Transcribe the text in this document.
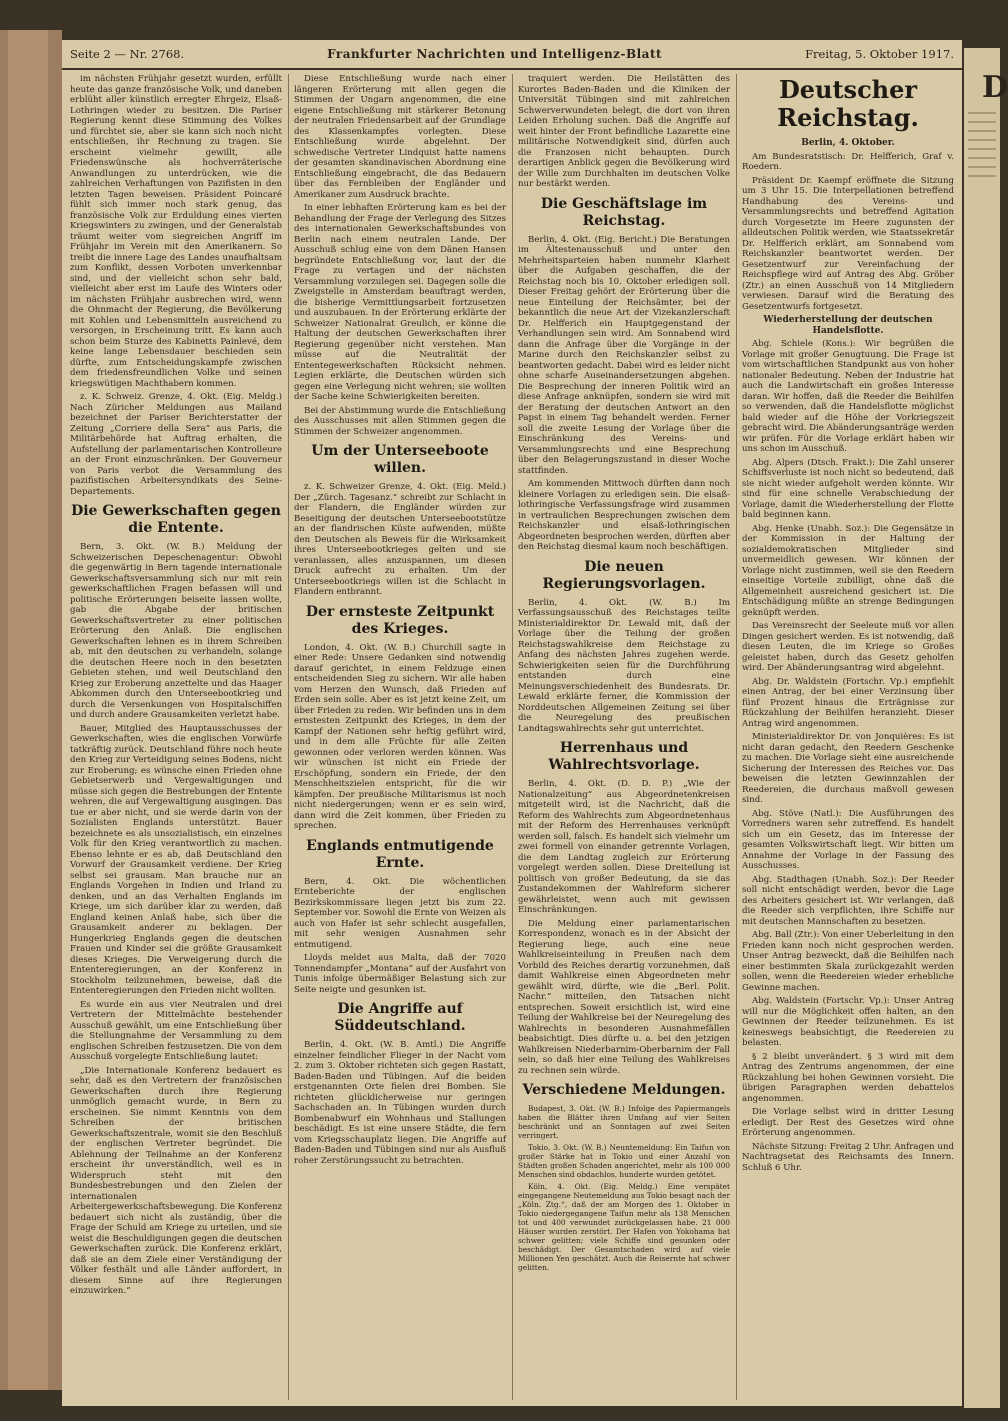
Seite 2 — Nr. 2768.	Frankfurter Nachrichten und Intelligenz-Blatt	Freitag, 5. Oktober 1917.

im nächsten Frühjahr gesetzt wurden, erfüllt heute das ganze französische Volk, und daneben erblüht aller künstlich erregter Ehrgeiz, Elsaß-Lothringen wieder zu besitzen. Die Pariser Regierung kennt diese Stimmung des Volkes und fürchtet sie, aber sie kann sich noch nicht entschließen, ihr Rechnung zu tragen. Sie erscheint vielmehr gewillt, alle Friedenswünsche als hochverräterische Anwandlungen zu unterdrücken, wie die zahlreichen Verhaftungen von Pazifisten in den letzten Tagen beweisen. Präsident Poincaré fühlt sich immer noch stark genug, das französische Volk zur Erduldung eines vierten Kriegswinters zu zwingen, und der Generalstab träumt weiter vom siegreichen Angriff im Frühjahr im Verein mit den Amerikanern. So treibt die innere Lage des Landes unaufhaltsam zum Konflikt, dessen Vorboten unverkennbar sind, und der vielleicht schon sehr bald, vielleicht aber erst im Laufe des Winters oder im nächsten Frühjahr ausbrechen wird, wenn die Ohnmacht der Regierung, die Bevölkerung mit Kohlen und Lebensmitteln ausreichend zu versorgen, in Erscheinung tritt. Es kann auch schon beim Sturze des Kabinetts Painlevé, dem keine lange Lebensdauer beschieden sein dürfte, zum Entscheidungskampfe zwischen dem friedensfreundlichen Volke und seinen kriegswütigen Machthabern kommen.

z. K. Schweiz. Grenze, 4. Okt. (Eig. Meldg.) Nach Züricher Meldungen aus Mailand bezeichnet der Pariser Berichterstatter der Zeitung „Corriere della Sera“ aus Paris, die Militärbehörde hat Auftrag erhalten, die Aufstellung der parlamentarischen Kontrolleure an der Front einzuschränken. Der Gouverneur von Paris verbot die Versammlung des pazifistischen Arbeitersyndikats des Seine-Departements.

Die Gewerkschaften gegen die Entente.

Bern, 3. Okt. (W. B.) Meldung der Schweizerischen Depeschenagentur: Obwohl die gegenwärtig in Bern tagende internationale Gewerkschaftsversammlung sich nur mit rein gewerkschaftlichen Fragen befassen will und politische Erörterungen beiseite lassen wollte, gab die Abgabe der britischen Gewerkschaftsvertreter zu einer politischen Erörterung den Anlaß. Die englischen Gewerkschaften lehnen es in ihrem Schreiben ab, mit den deutschen zu verhandeln, solange die deutschen Heere noch in den besetzten Gebieten stehen, und weil Deutschland den Krieg zur Eroberung anzettelte und das Haager Abkommen durch den Unterseebootkrieg und durch die Versenkungen von Hospitalschiffen und durch andere Grausamkeiten verletzt habe.

Bauer, Mitglied des Hauptausschusses der Gewerkschaften, wies die englischen Vorwürfe tatkräftig zurück. Deutschland führe noch heute den Krieg zur Verteidigung seines Bodens, nicht zur Eroberung; es wünsche einen Frieden ohne Gebietserwerb und Vergewaltigungen und müsse sich gegen die Bestrebungen der Entente wehren, die auf Vergewaltigung ausgingen. Das tue er aber nicht, und sie werde darin von der Sozialisten Englands unterstützt. Bauer bezeichnete es als unsozialistisch, ein einzelnes Volk für den Krieg verantwortlich zu machen. Ebenso lehnte er es ab, daß Deutschland den Vorwurf der Grausamkeit verdiene. Der Krieg selbst sei grausam. Man brauche nur an Englands Vorgehen in Indien und Irland zu denken, und an das Verhalten Englands im Kriege, um sich darüber klar zu werden, daß England keinen Anlaß habe, sich über die Grausamkeit anderer zu beklagen. Der Hungerkrieg Englands gegen die deutschen Frauen und Kinder sei die größte Grausamkeit dieses Krieges. Die Verweigerung durch die Ententeregierungen, an der Konferenz in Stockholm teilzunehmen, beweise, daß die Ententeregierungen den Frieden nicht wollten.

Es wurde ein aus vier Neutralen und drei Vertretern der Mittelmächte bestehender Ausschuß gewählt, um eine Entschließung über die Stellungnahme der Versammlung zu dem englischen Schreiben festzusetzen. Die von dem Ausschuß vorgelegte Entschließung lautet:

„Die Internationale Konferenz bedauert es sehr, daß es den Vertretern der französischen Gewerkschaften durch ihre Regierung unmöglich gemacht wurde, in Bern zu erscheinen. Sie nimmt Kenntnis von dem Schreiben der britischen Gewerkschaftszentrale, womit sie den Beschluß der englischen Vertreter begründet. Die Ablehnung der Teilnahme an der Konferenz erscheint ihr unverständlich, weil es in Widerspruch steht mit den Bundesbestrebungen und den Zielen der internationalen Arbeitergewerkschaftsbewegung. Die Konferenz bedauert sich nicht als zuständig, über die Frage der Schuld am Kriege zu urteilen, und sie weist die Beschuldigungen gegen die deutschen Gewerkschaften zurück. Die Konferenz erklärt, daß sie an dem Ziele einer Verständigung der Völker festhält und alle Länder auffordert, in diesem Sinne auf ihre Regierungen einzuwirken.“

Diese Entschließung wurde nach einer längeren Erörterung mit allen gegen die Stimmen der Ungarn angenommen, die eine eigene Entschließung mit stärkerer Betonung der neutralen Friedensarbeit auf der Grundlage des Klassenkampfes vorlegten. Diese Entschließung wurde abgelehnt. Der schwedische Vertreter Lindquist hatte namens der gesamten skandinavischen Abordnung eine Entschließung eingebracht, die das Bedauern über das Fernbleiben der Engländer und Amerikaner zum Ausdruck brachte.

In einer lebhaften Erörterung kam es bei der Behandlung der Frage der Verlegung des Sitzes des internationalen Gewerkschaftsbundes von Berlin nach einem neutralen Lande. Der Ausschuß schlug eine von dem Dänen Hansen begründete Entschließung vor, laut der die Frage zu vertagen und der nächsten Versammlung vorzulegen sei. Dagegen solle die Zweigstelle in Amsterdam beauftragt werden, die bisherige Vermittlungsarbeit fortzusetzen und auszubauen. In der Erörterung erklärte der Schweizer Nationalrat Greulich, er könne die Haltung der deutschen Gewerkschaften ihrer Regierung gegenüber nicht verstehen. Man müsse auf die Neutralität der Ententegewerkschaften Rücksicht nehmen. Legien erklärte, die Deutschen würden sich gegen eine Verlegung nicht wehren; sie wollten der Sache keine Schwierigkeiten bereiten.

Bei der Abstimmung wurde die Entschließung des Ausschusses mit allen Stimmen gegen die Stimmen der Schweizer angenommen.

Um der Unterseeboote willen.

z. K. Schweizer Grenze, 4. Okt. (Eig. Meld.) Der „Zürch. Tagesanz.“ schreibt zur Schlacht in der Flandern, die Engländer würden zur Beseitigung der deutschen Unterseebootstütze an der flandrischen Küste aufwenden, müßte den Deutschen als Beweis für die Wirksamkeit ihres Unterseebootkrieges gelten und sie veranlassen, alles anzuspannen, um diesen Druck aufrecht zu erhalten. Um der Unterseebootkriegs willen ist die Schlacht in Flandern entbrannt.

Der ernsteste Zeitpunkt des Krieges.

London, 4. Okt. (W. B.) Churchill sagte in einer Rede: Unsere Gedanken sind notwendig darauf gerichtet, in einem Feldzuge einen entscheidenden Sieg zu sichern. Wir alle haben vom Herzen den Wunsch, daß Frieden auf Erden sein solle. Aber es ist jetzt keine Zeit, um über Frieden zu reden. Wir befinden uns in dem ernstesten Zeitpunkt des Krieges, in dem der Kampf der Nationen sehr heftig geführt wird, und in dem alle Früchte für alle Zeiten gewonnen oder verloren werden können. Was wir wünschen ist nicht ein Friede der Erschöpfung, sondern ein Friede, der den Menschheitszielen entspricht, für die wir kämpfen. Der preußische Militarismus ist noch nicht niedergerungen; wenn er es sein wird, dann wird die Zeit kommen, über Frieden zu sprechen.

Englands entmutigende Ernte.

Bern, 4. Okt. Die wöchentlichen Ernteberichte der englischen Bezirkskommissare liegen jetzt bis zum 22. September vor. Sowohl die Ernte von Weizen als auch von Hafer ist sehr schlecht ausgefallen, mit sehr wenigen Ausnahmen sehr entmutigend.

Lloyds meldet aus Malta, daß der 7020 Tonnendampfer „Montana“ auf der Ausfahrt von Tunis infolge übermäßiger Belastung sich zur Seite neigte und gesunken ist.

Die Angriffe auf Süddeutschland.

Berlin, 4. Okt. (W. B. Amtl.) Die Angriffe einzelner feindlicher Flieger in der Nacht vom 2. zum 3. Oktober richteten sich gegen Rastatt, Baden-Baden und Tübingen. Auf die beiden erstgenannten Orte fielen drei Bomben. Sie richteten glücklicherweise nur geringen Sachschaden an. In Tübingen wurden durch Bombenabwurf ein Wohnhaus und Stallungen beschädigt. Es ist eine unsere Städte, die fern vom Kriegsschauplatz liegen. Die Angriffe auf Baden-Baden und Tübingen sind nur als Ausfluß roher Zerstörungssucht zu betrachten.

traquiert werden. Die Heilstätten des Kurortes Baden-Baden und die Kliniken der Universität Tübingen sind mit zahlreichen Schwerverwundeten belegt, die dort von ihren Leiden Erholung suchen. Daß die Angriffe auf weit hinter der Front befindliche Lazarette eine militärische Notwendigkeit sind, dürfen auch die Franzosen nicht behaupten. Durch derartigen Anblick gegen die Bevölkerung wird der Wille zum Durchhalten im deutschen Volke nur bestärkt werden.

Die Geschäftslage im Reichstag.

Berlin, 4. Okt. (Eig. Bericht.) Die Beratungen im Ältestenausschuß und unter den Mehrheitsparteien haben nunmehr Klarheit über die Aufgaben geschaffen, die der Reichstag noch bis 10. Oktober erledigen soll. Dieser Freitag gehört der Erörterung über die neue Einteilung der Reichsämter, bei der bekanntlich die neue Art der Vizekanzlerschaft Dr. Helfferich ein Hauptgegenstand der Verhandlungen sein wird. Am Sonnabend wird dann die Anfrage über die Vorgänge in der Marine durch den Reichskanzler selbst zu beantworten gedacht. Dabei wird es leider nicht ohne scharfe Auseinandersetzungen abgehen. Die Besprechung der inneren Politik wird an diese Anfrage anknüpfen, sondern sie wird mit der Beratung der deutschen Antwort an den Papst in einem Tag behandelt werden. Ferner soll die zweite Lesung der Vorlage über die Einschränkung des Vereins- und Versammlungsrechts und eine Besprechung über den Belagerungszustand in dieser Woche stattfinden.

Am kommenden Mittwoch dürften dann noch kleinere Vorlagen zu erledigen sein. Die elsaß-lothringische Verfassungsfrage wird zusammen in vertraulichen Besprechungen zwischen dem Reichskanzler und elsaß-lothringischen Abgeordneten besprochen werden, dürften aber den Reichstag diesmal kaum noch beschäftigen.

Die neuen Regierungsvorlagen.

Berlin, 4. Okt. (W. B.) Im Verfassungsausschuß des Reichstages teilte Ministerialdirektor Dr. Lewald mit, daß der Vorlage über die Teilung der großen Reichstagswahlkreise dem Reichstage zu Anfang des nächsten Jahres zugehen werde. Schwierigkeiten seien für die Durchführung entstanden durch eine Meinungsverschiedenheit des Bundesrats. Dr. Lewald erklärte ferner, die Kommission der Norddeutschen Allgemeinen Zeitung sei über die Neuregelung des preußischen Landtagswahlrechts sehr gut unterrichtet.

Herrenhaus und Wahlrechtsvorlage.

Berlin, 4. Okt. (D. D. P.) „Wie der Nationalzeitung“ aus Abgeordnetenkreisen mitgeteilt wird, ist die Nachricht, daß die Reform des Wahlrechts zum Abgeordnetenhaus mit der Reform des Herrenhauses verknüpft werden soll, falsch. Es handelt sich vielmehr um zwei formell von einander getrennte Vorlagen, die dem Landtag zugleich zur Erörterung vorgelegt werden sollen. Diese Dreiteilung ist politisch von großer Bedeutung, da sie das Zustandekommen der Wahlreform sicherer gewährleistet, wenn auch mit gewissen Einschränkungen.

Die Meldung einer parlamentarischen Korrespondenz, wonach es in der Absicht der Regierung liege, auch eine neue Wahlkreiseinteilung in Preußen nach dem Vorbild des Reiches derartig vorzunehmen, daß damit Wahlkreise einen Abgeordneten mehr gewählt wird, dürfte, wie die „Berl. Polit. Nachr.“ mitteilen, den Tatsachen nicht entsprechen. Soweit ersichtlich ist, wird eine Teilung der Wahlkreise bei der Neuregelung des Wahlrechts in besonderen Ausnahmefällen beabsichtigt. Dies dürfte u. a. bei den jetzigen Wahlkreisen Niederbarnim-Oberbarnim der Fall sein, so daß hier eine Teilung des Wahlkreises zu rechnen sein würde.

Verschiedene Meldungen.

Budapest, 3. Okt. (W. B.) Infolge des Papiermangels haben die Blätter ihren Umfang auf vier Seiten beschränkt und an Sonntagen auf zwei Seiten verringert.

Tokio, 3. Okt. (W. B.) Neuntemeldung: Ein Taifun von großer Stärke hat in Tokio und einer Anzahl von Städten großen Schaden angerichtet, mehr als 100 000 Menschen sind obdachlos, hunderte wurden getötet.

Köln, 4. Okt. (Eig. Meldg.) Eine verspätet eingegangene Neutemeldung aus Tokio besagt nach der „Köln. Ztg.“, daß der am Morgen des 1. Oktober in Tokio niedergegangene Taifun mehr als 138 Menschen tot und 400 verwundet zurückgelassen habe. 21 000 Häuser wurden zerstört. Der Hafen von Yokohama hat schwer gelitten; viele Schiffe sind gesunken oder beschädigt. Der Gesamtschaden wird auf viele Millionen Yen geschätzt. Auch die Reisernte hat schwer gelitten.

Deutscher Reichstag.
Berlin, 4. Oktober.

Am Bundesratstisch: Dr. Helfferich, Graf v. Roedern.

Präsident Dr. Kaempf eröffnete die Sitzung um 3 Uhr 15. Die Interpellationen betreffend Handhabung des Vereins- und Versammlungsrechts und betreffend Agitation durch Vorgesetzte im Heere zugunsten der alldeutschen Politik werden, wie Staatssekretär Dr. Helfferich erklärt, am Sonnabend vom Reichskanzler beantwortet werden. Der Gesetzentwurf zur Vereinfachung der Reichspflege wird auf Antrag des Abg. Gröber (Ztr.) an einen Ausschuß von 14 Mitgliedern verwiesen. Darauf wird die Beratung des Gesetzentwurfs fortgesetzt.

Wiederherstellung der deutschen Handelsflotte.

Abg. Schiele (Kons.): Wir begrüßen die Vorlage mit großer Genugtuung. Die Frage ist vom wirtschaftlichen Standpunkt aus von hoher nationaler Bedeutung. Neben der Industrie hat auch die Landwirtschaft ein großes Interesse daran. Wir hoffen, daß die Reeder die Beihilfen so verwenden, daß die Handelsflotte möglichst bald wieder auf die Höhe der Vorkriegszeit gebracht wird. Die Abänderungsanträge werden wir prüfen. Für die Vorlage erklärt haben wir uns schon im Ausschuß.

Abg. Alpers (Dtsch. Frakt.): Die Zahl unserer Schiffsverluste ist noch nicht so bedeutend, daß sie nicht wieder aufgeholt werden könnte. Wir sind für eine schnelle Verabschiedung der Vorlage, damit die Wiederherstellung der Flotte bald beginnen kann.

Abg. Henke (Unabh. Soz.): Die Gegensätze in der Kommission in der Haltung der sozialdemokratischen Mitglieder sind unvermeidlich gewesen. Wir können der Vorlage nicht zustimmen, weil sie den Reedern einseitige Vorteile zubilligt, ohne daß die Allgemeinheit ausreichend gesichert ist. Die Entschädigung müßte an strenge Bedingungen geknüpft werden.

Das Vereinsrecht der Seeleute muß vor allen Dingen gesichert werden. Es ist notwendig, daß diesen Leuten, die im Kriege so Großes geleistet haben, durch das Gesetz geholfen wird. Der Abänderungsantrag wird abgelehnt.

Abg. Dr. Waldstein (Fortschr. Vp.) empfiehlt einen Antrag, der bei einer Verzinsung über fünf Prozent hinaus die Erträgnisse zur Rückzahlung der Beihilfen heranzieht. Dieser Antrag wird angenommen.

Ministerialdirektor Dr. von Jonquières: Es ist nicht daran gedacht, den Reedern Geschenke zu machen. Die Vorlage sieht eine ausreichende Sicherung der Interessen des Reiches vor. Das beweisen die letzten Gewinnzahlen der Reedereien, die durchaus maßvoll gewesen sind.

Abg. Stöve (Natl.): Die Ausführungen des Vorredners waren sehr zutreffend. Es handelt sich um ein Gesetz, das im Interesse der gesamten Volkswirtschaft liegt. Wir bitten um Annahme der Vorlage in der Fassung des Ausschusses.

Abg. Stadthagen (Unabh. Soz.): Der Reeder soll nicht entschädigt werden, bevor die Lage des Arbeiters gesichert ist. Wir verlangen, daß die Reeder sich verpflichten, ihre Schiffe nur mit deutschen Mannschaften zu besetzen.

Abg. Ball (Ztr.): Von einer Ueberleitung in den Frieden kann noch nicht gesprochen werden. Unser Antrag bezweckt, daß die Beihilfen nach einer bestimmten Skala zurückgezahlt werden sollen, wenn die Reedereien wieder erhebliche Gewinne machen.

Abg. Waldstein (Fortschr. Vp.): Unser Antrag will nur die Möglichkeit offen halten, an den Gewinnen der Reeder teilzunehmen. Es ist keineswegs beabsichtigt, die Reedereien zu belasten.

§ 2 bleibt unverändert. § 3 wird mit dem Antrag des Zentrums angenommen, der eine Rückzahlung bei hohen Gewinnen vorsieht. Die übrigen Paragraphen werden debattelos angenommen.

Die Vorlage selbst wird in dritter Lesung erledigt. Der Rest des Gesetzes wird ohne Erörterung angenommen.

Nächste Sitzung: Freitag 2 Uhr. Anfragen und Nachtragsetat des Reichsamts des Innern. Schluß 6 Uhr.

D
